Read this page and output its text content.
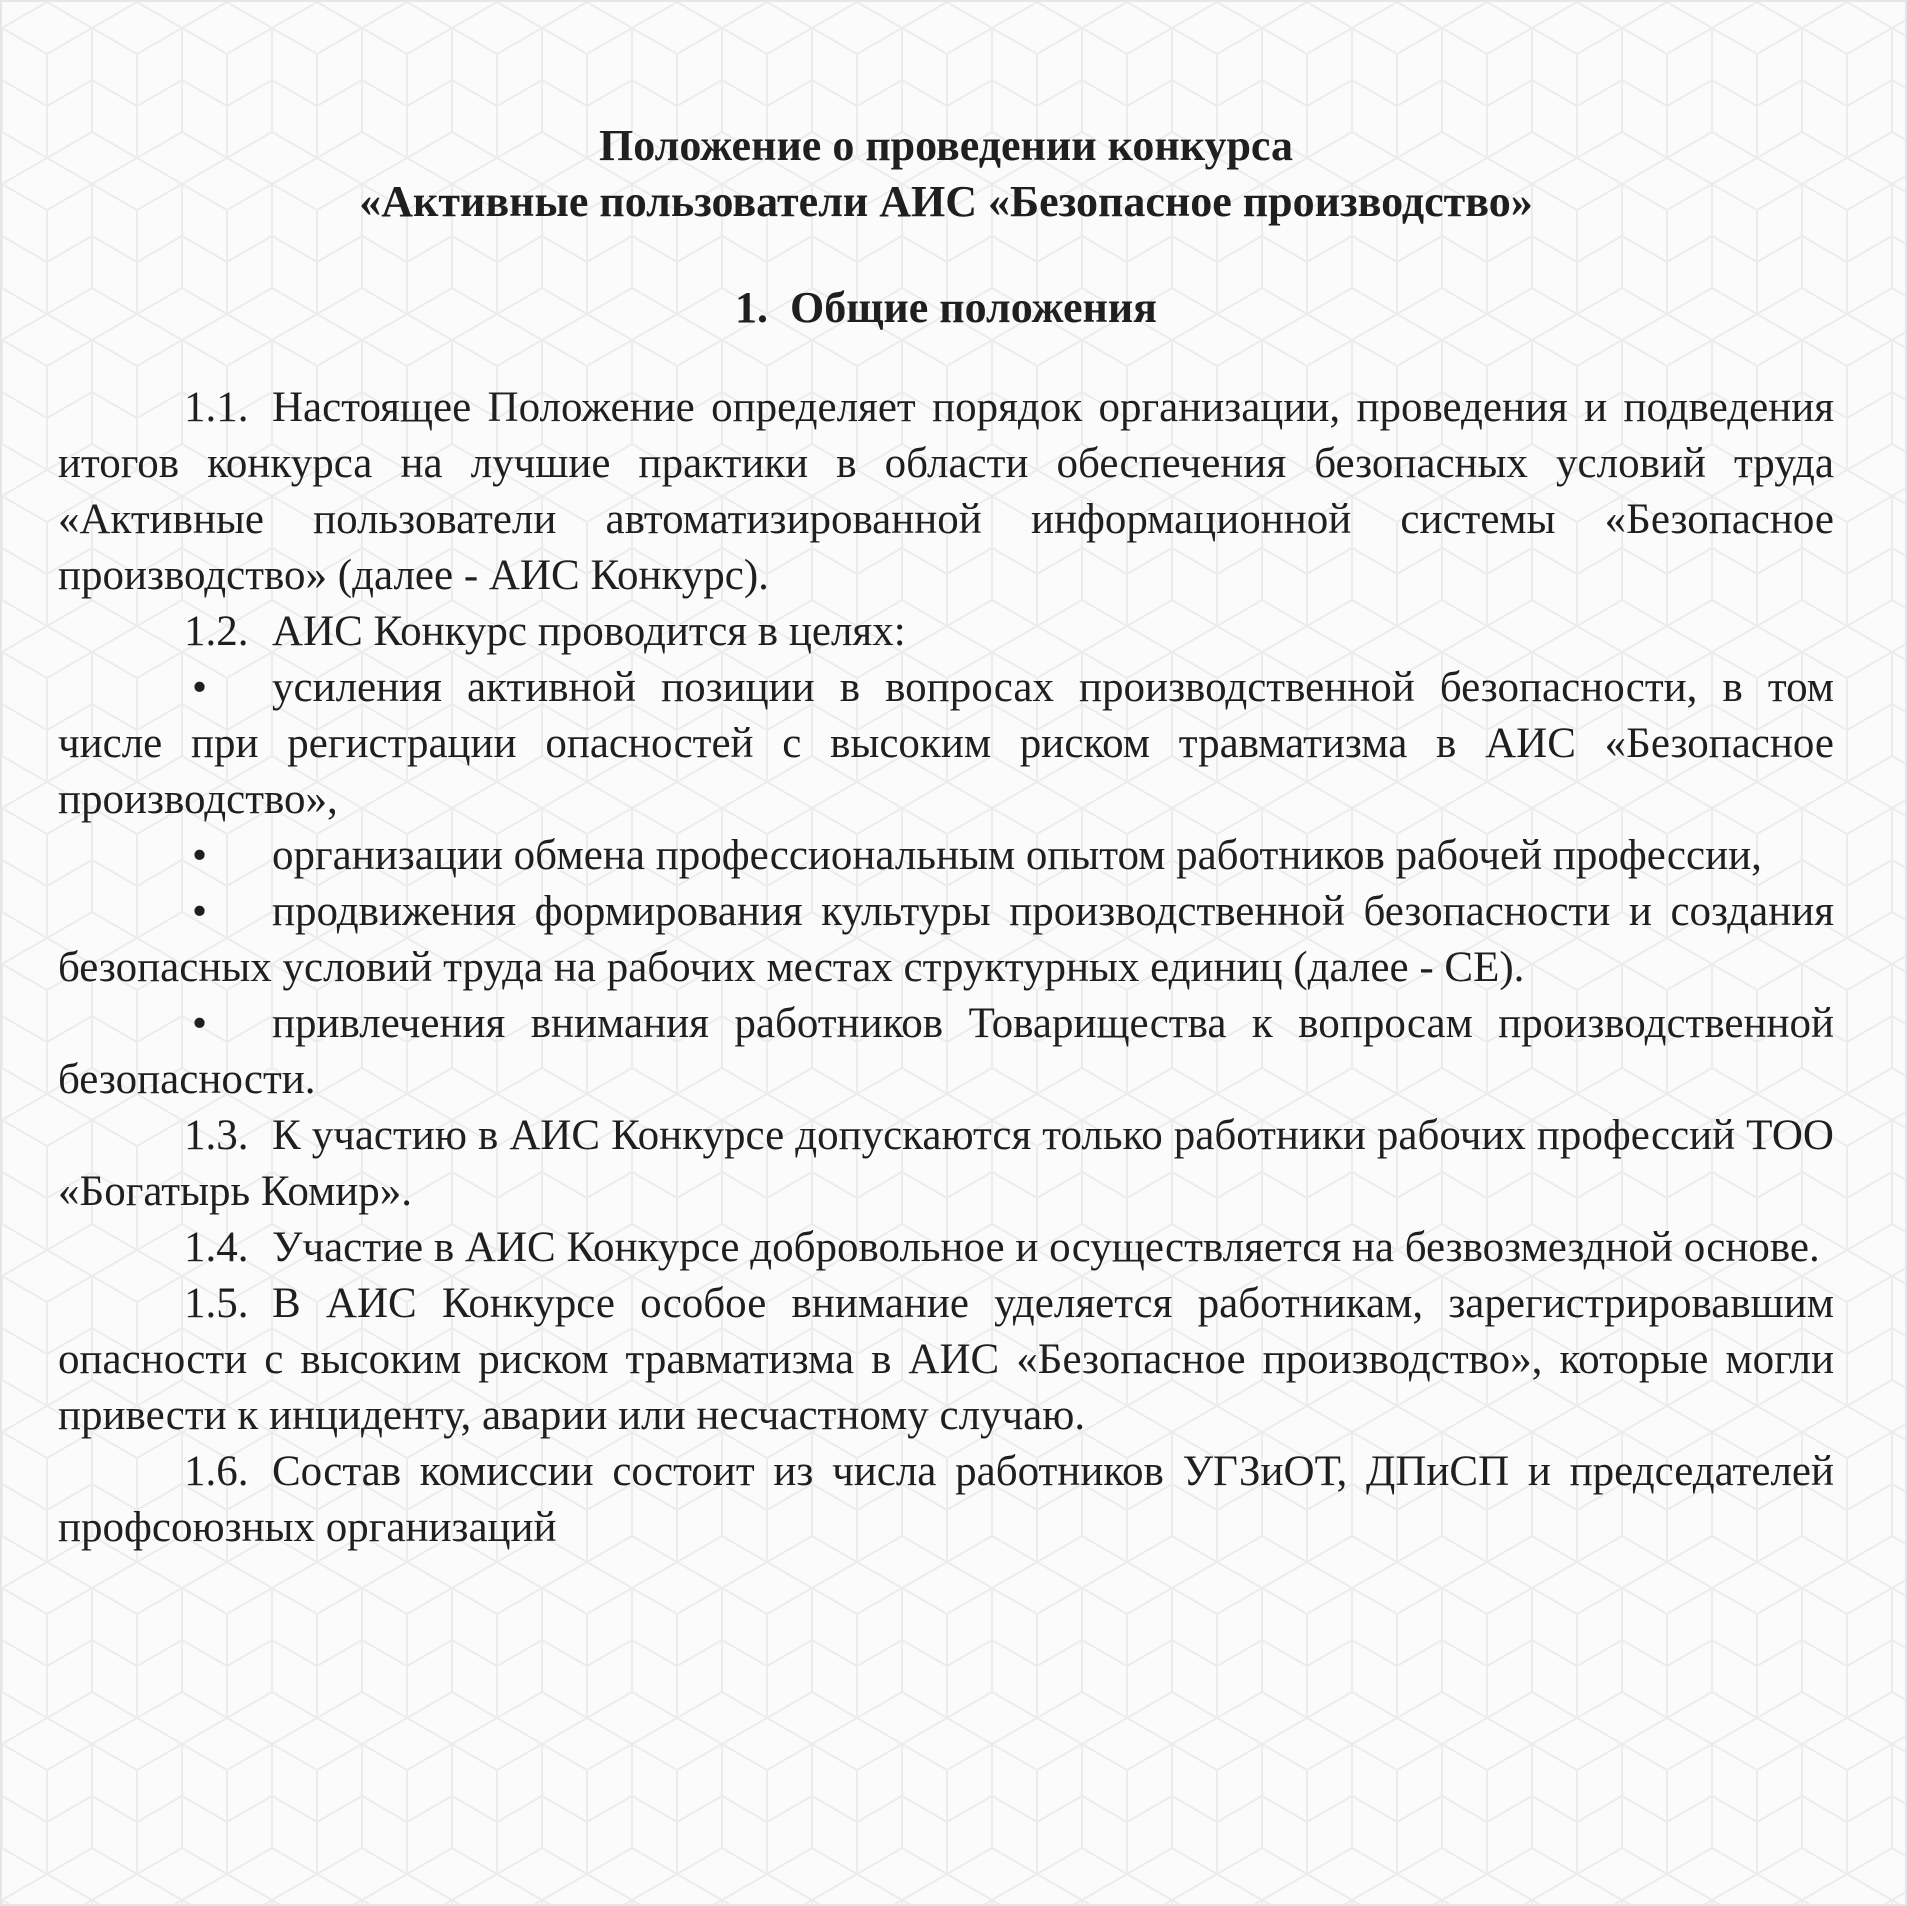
Положение о проведении конкурса
«Активные пользователи АИС «Безопасное производство»
1. Общие положения

1.1. Настоящее Положение определяет порядок организации, проведения и подведения итогов конкурса на лучшие практики в области обеспечения безопасных условий труда «Активные пользователи автоматизированной информационной системы «Безопасное производство» (далее - АИС Конкурс).

1.2. АИС Конкурс проводится в целях:

• усиления активной позиции в вопросах производственной безопасности, в том числе при регистрации опасностей с высоким риском травматизма в АИС «Безопасное производство»,

• организации обмена профессиональным опытом работников рабочей профессии,

• продвижения формирования культуры производственной безопасности и создания безопасных условий труда на рабочих местах структурных единиц (далее - СЕ).

• привлечения внимания работников Товарищества к вопросам производственной безопасности.

1.3. К участию в АИС Конкурсе допускаются только работники рабочих профессий ТОО «Богатырь Комир».

1.4. Участие в АИС Конкурсе добровольное и осуществляется на безвозмездной основе.

1.5. В АИС Конкурсе особое внимание уделяется работникам, зарегистрировавшим опасности с высоким риском травматизма в АИС «Безопасное производство», которые могли привести к инциденту, аварии или несчастному случаю.

1.6. Состав комиссии состоит из числа работников УГЗиОТ, ДПиСП и председателей профсоюзных организаций
